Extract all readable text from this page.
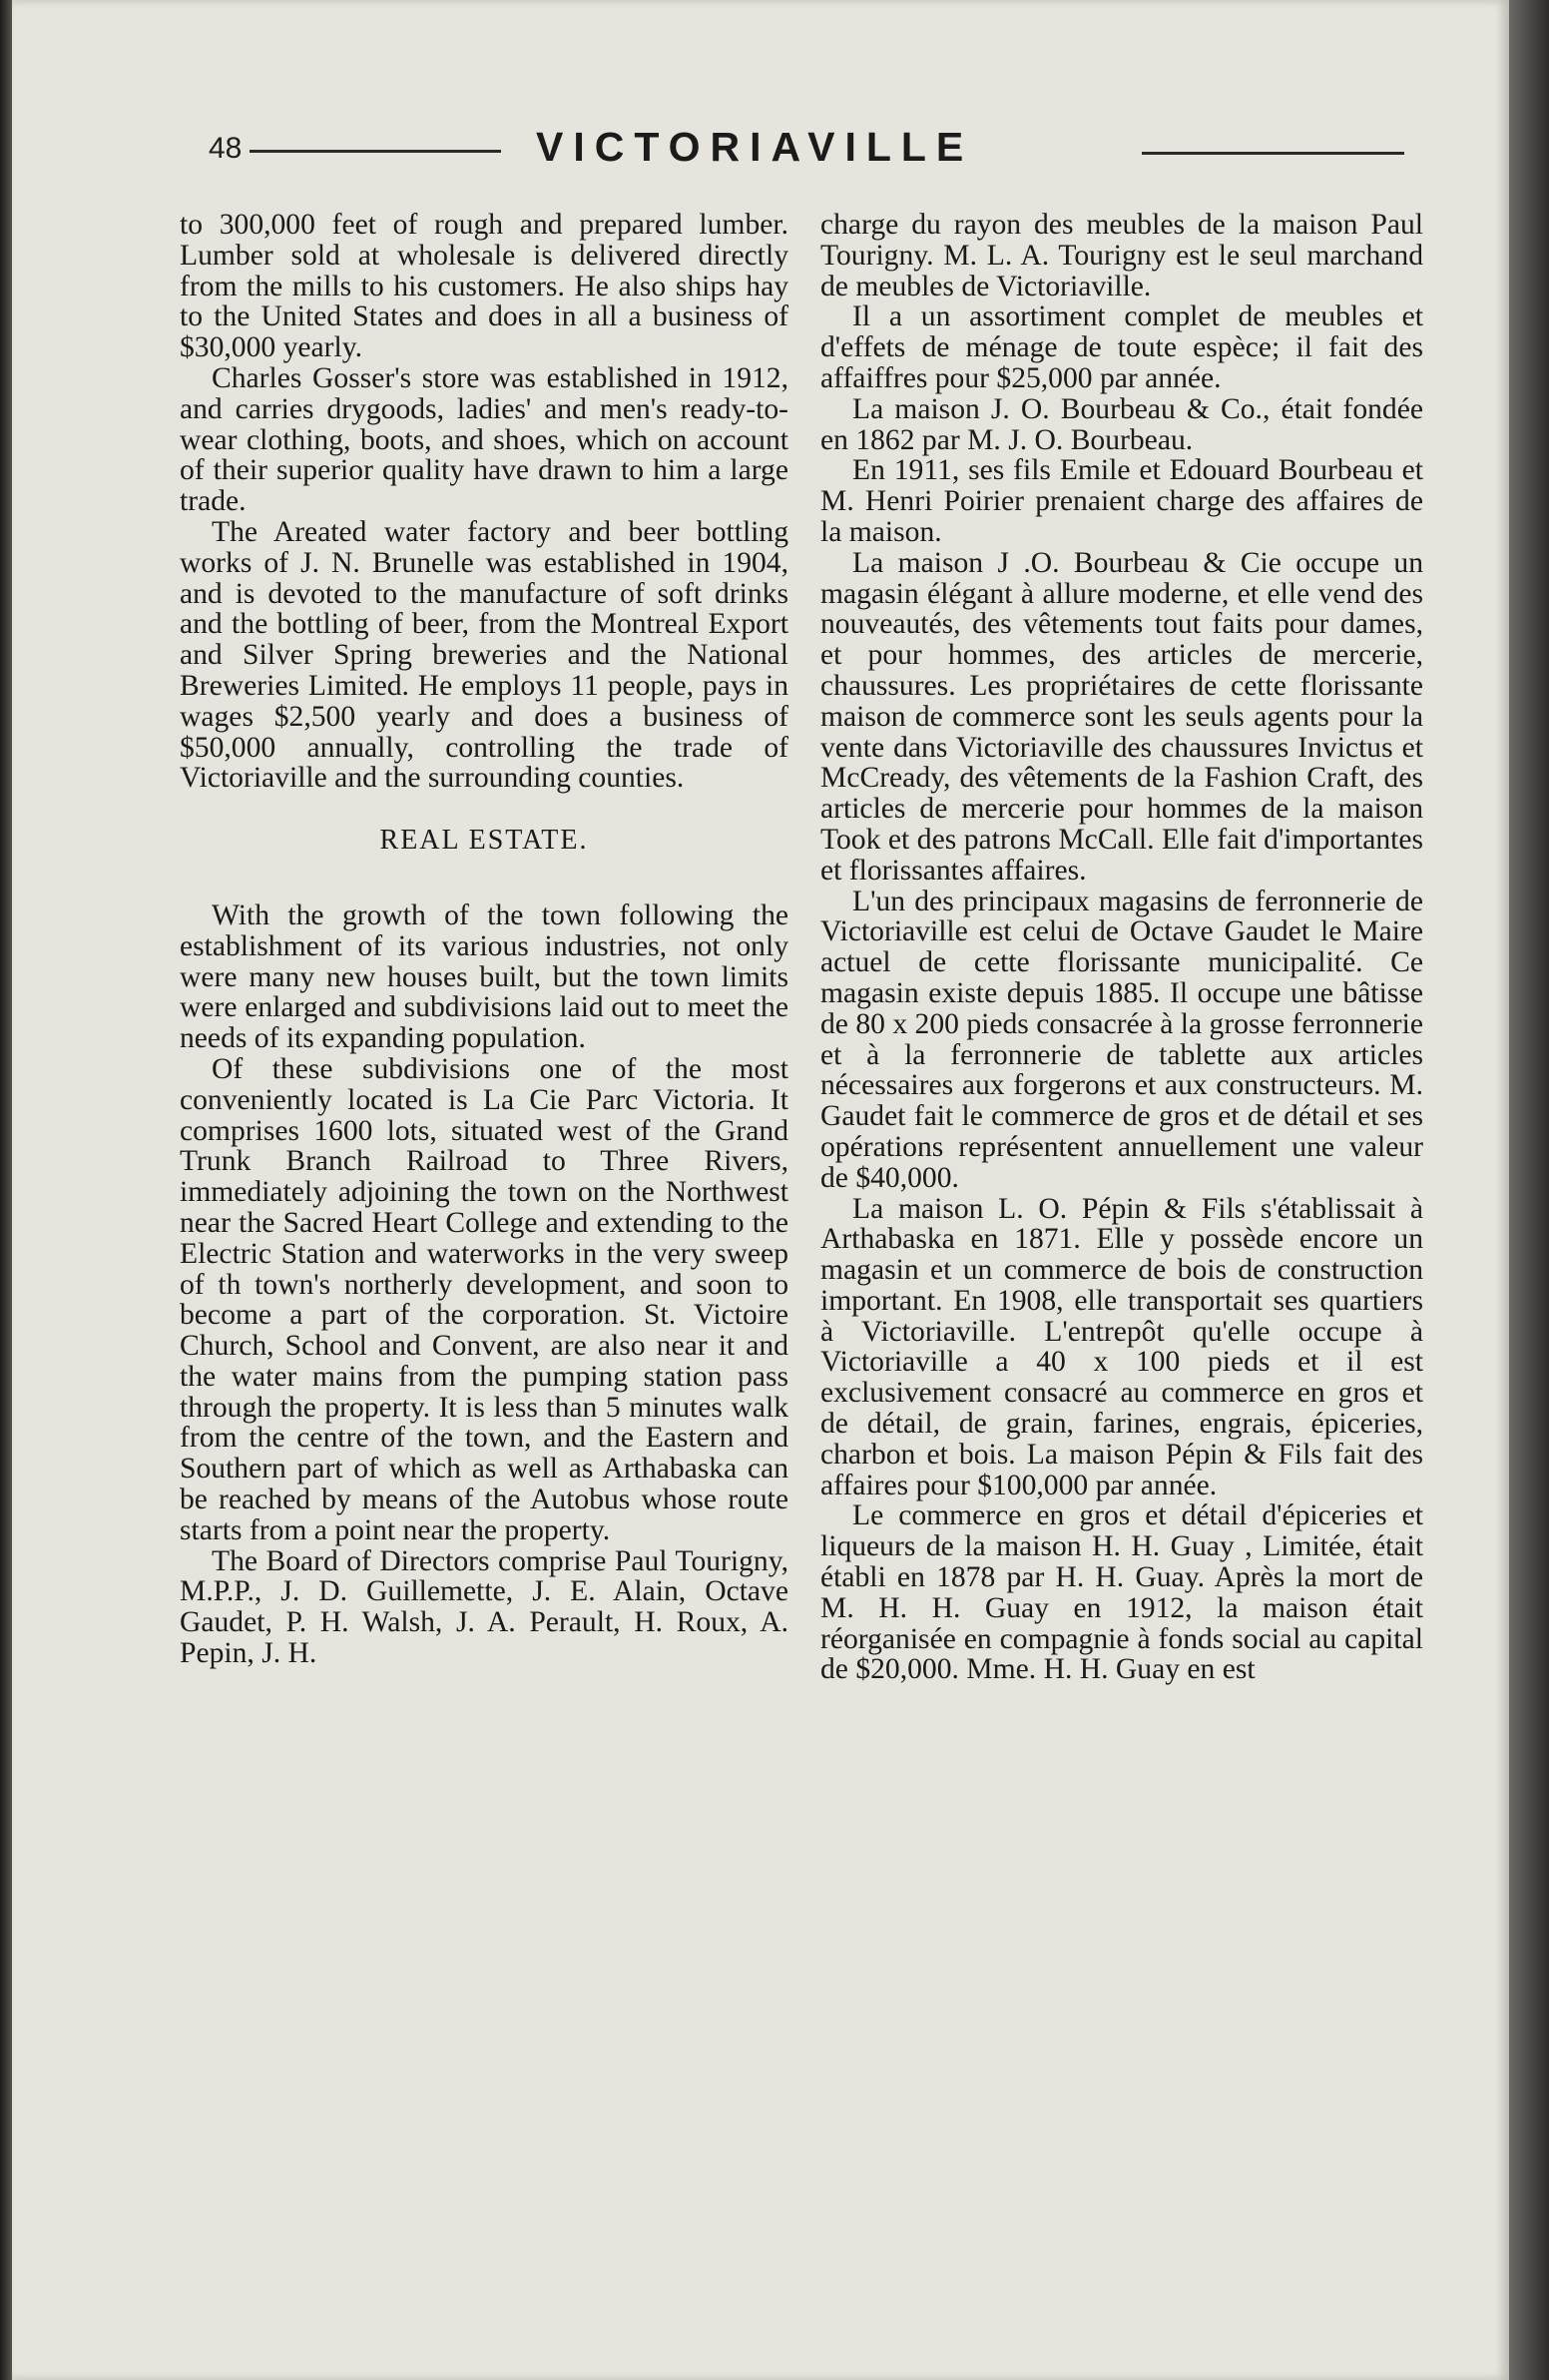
48	VICTORIAVILLE

to 300,000 feet of rough and prepared lumber. Lumber sold at wholesale is delivered directly from the mills to his customers. He also ships hay to the United States and does in all a business of $30,000 yearly.

Charles Gosser's store was established in 1912, and carries drygoods, ladies' and men's ready-to-wear clothing, boots, and shoes, which on account of their superior quality have drawn to him a large trade.

The Areated water factory and beer bottling works of J. N. Brunelle was established in 1904, and is devoted to the manufacture of soft drinks and the bottling of beer, from the Montreal Export and Silver Spring breweries and the National Breweries Limited. He employs 11 people, pays in wages $2,500 yearly and does a business of $50,000 annually, controlling the trade of Victoriaville and the surrounding counties.

REAL ESTATE.

With the growth of the town following the establishment of its various industries, not only were many new houses built, but the town limits were enlarged and subdivisions laid out to meet the needs of its expanding population.

Of these subdivisions one of the most conveniently located is La Cie Parc Victoria. It comprises 1600 lots, situated west of the Grand Trunk Branch Railroad to Three Rivers, immediately adjoining the town on the Northwest near the Sacred Heart College and extending to the Electric Station and waterworks in the very sweep of th town's northerly development, and soon to become a part of the corporation. St. Victoire Church, School and Convent, are also near it and the water mains from the pumping station pass through the property. It is less than 5 minutes walk from the centre of the town, and the Eastern and Southern part of which as well as Arthabaska can be reached by means of the Autobus whose route starts from a point near the property.

The Board of Directors comprise Paul Tourigny, M.P.P., J. D. Guillemette, J. E. Alain, Octave Gaudet, P. H. Walsh, J. A. Perault, H. Roux, A. Pepin, J. H.

charge du rayon des meubles de la maison Paul Tourigny. M. L. A. Tourigny est le seul marchand de meubles de Victoriaville.

Il a un assortiment complet de meubles et d'effets de ménage de toute espèce; il fait des affaiffres pour $25,000 par année.

La maison J. O. Bourbeau & Co., était fondée en 1862 par M. J. O. Bourbeau.

En 1911, ses fils Emile et Edouard Bourbeau et M. Henri Poirier prenaient charge des affaires de la maison.

La maison J .O. Bourbeau & Cie occupe un magasin élégant à allure moderne, et elle vend des nouveautés, des vêtements tout faits pour dames, et pour hommes, des articles de mercerie, chaussures. Les propriétaires de cette florissante maison de commerce sont les seuls agents pour la vente dans Victoriaville des chaussures Invictus et McCready, des vêtements de la Fashion Craft, des articles de mercerie pour hommes de la maison Took et des patrons McCall. Elle fait d'importantes et florissantes affaires.

L'un des principaux magasins de ferronnerie de Victoriaville est celui de Octave Gaudet le Maire actuel de cette florissante municipalité. Ce magasin existe depuis 1885. Il occupe une bâtisse de 80 x 200 pieds consacrée à la grosse ferronnerie et à la ferronnerie de tablette aux articles nécessaires aux forgerons et aux constructeurs. M. Gaudet fait le commerce de gros et de détail et ses opérations représentent annuellement une valeur de $40,000.

La maison L. O. Pépin & Fils s'établissait à Arthabaska en 1871. Elle y possède encore un magasin et un commerce de bois de construction important. En 1908, elle transportait ses quartiers à Victoriaville. L'entrepôt qu'elle occupe à Victoriaville a 40 x 100 pieds et il est exclusivement consacré au commerce en gros et de détail, de grain, farines, engrais, épiceries, charbon et bois. La maison Pépin & Fils fait des affaires pour $100,000 par année.

Le commerce en gros et détail d'épiceries et liqueurs de la maison H. H. Guay , Limitée, était établi en 1878 par H. H. Guay. Après la mort de M. H. H. Guay en 1912, la maison était réorganisée en compagnie à fonds social au capital de $20,000. Mme. H. H. Guay en est
